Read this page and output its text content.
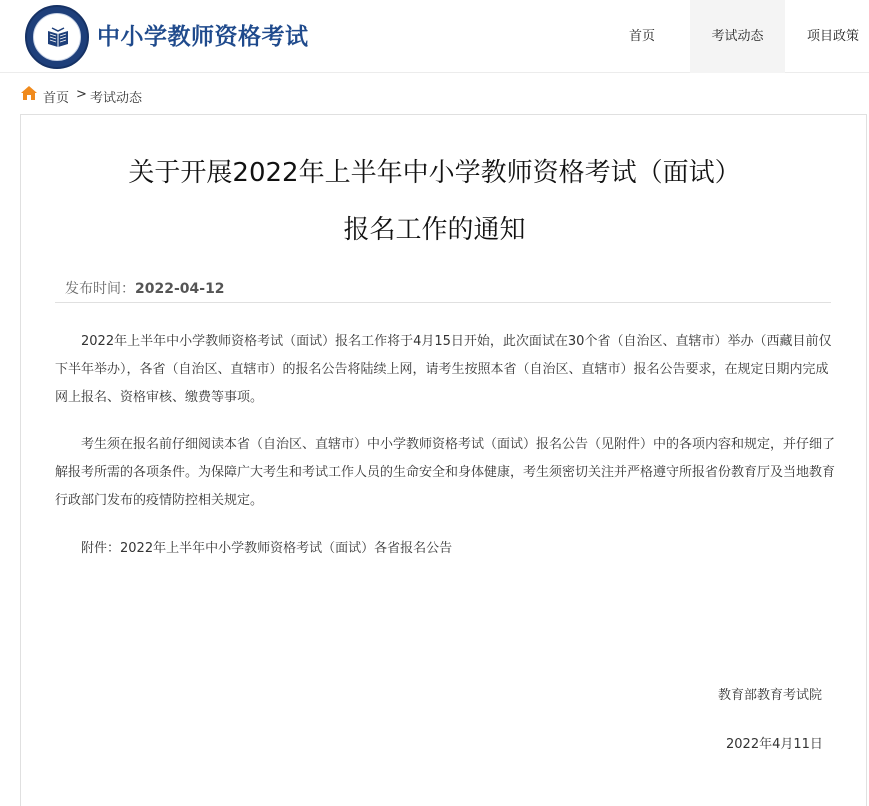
中小学教师资格考试	首页	考试动态	项目政策
首页 > 考试动态
关于开展2022年上半年中小学教师资格考试（面试）
报名工作的通知
发布时间：2022-04-12
2022年上半年中小学教师资格考试（面试）报名工作将于4月15日开始，此次面试在30个省（自治区、直辖市）举办（西藏目前仅下半年举办），各省（自治区、直辖市）的报名公告将陆续上网，请考生按照本省（自治区、直辖市）报名公告要求，在规定日期内完成网上报名、资格审核、缴费等事项。
考生须在报名前仔细阅读本省（自治区、直辖市）中小学教师资格考试（面试）报名公告（见附件）中的各项内容和规定，并仔细了解报考所需的各项条件。为保障广大考生和考试工作人员的生命安全和身体健康，考生须密切关注并严格遵守所报省份教育厅及当地教育行政部门发布的疫情防控相关规定。
附件：2022年上半年中小学教师资格考试（面试）各省报名公告
教育部教育考试院
2022年4月11日
